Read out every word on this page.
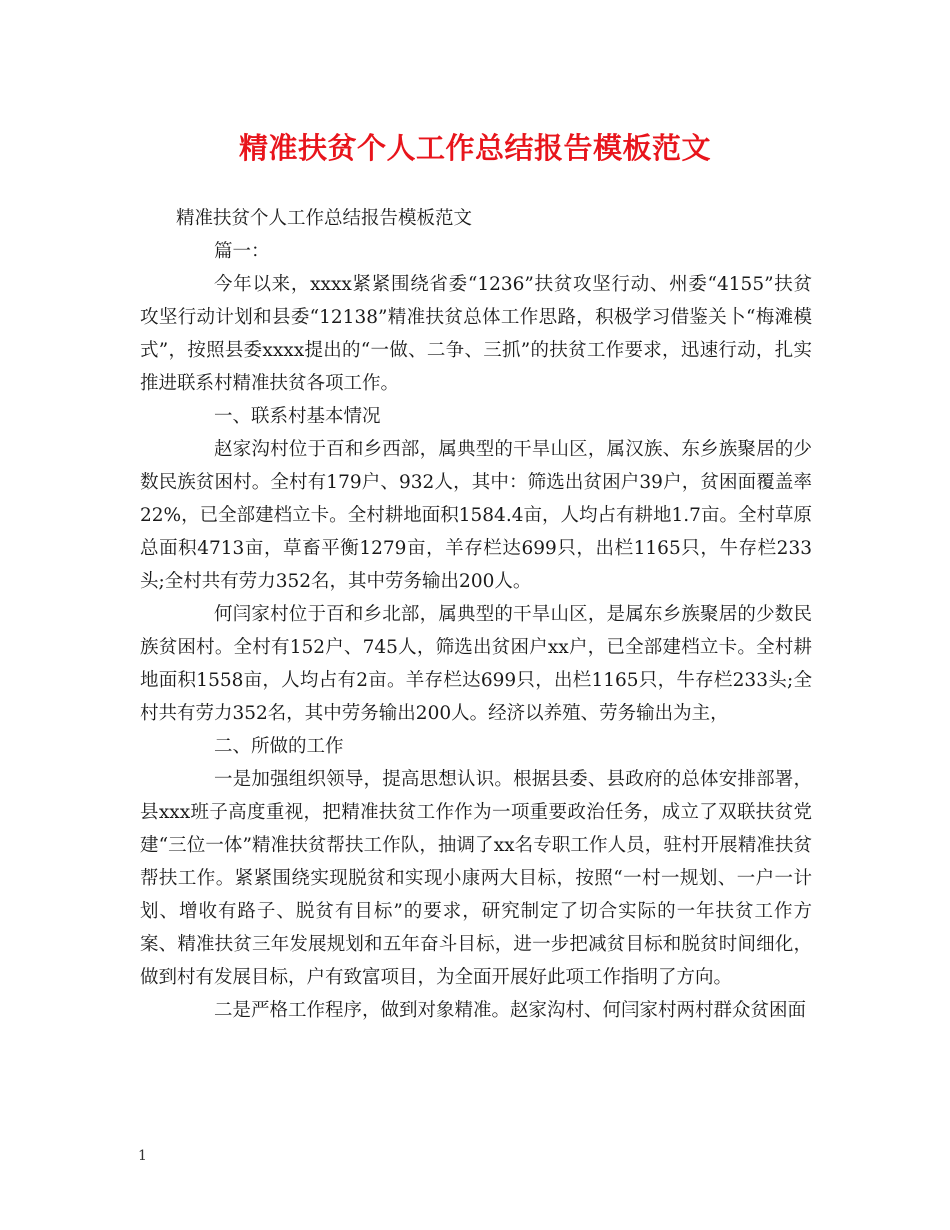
精准扶贫个人工作总结报告模板范文

精准扶贫个人工作总结报告模板范文

篇一：

今年以来，xxxx紧紧围绕省委“1236”扶贫攻坚行动、州委“4155”扶贫攻坚行动计划和县委“12138”精准扶贫总体工作思路，积极学习借鉴关卜“梅滩模式”，按照县委xxxx提出的“一做、二争、三抓”的扶贫工作要求，迅速行动，扎实推进联系村精准扶贫各项工作。

一、联系村基本情况

赵家沟村位于百和乡西部，属典型的干旱山区，属汉族、东乡族聚居的少数民族贫困村。全村有179户、932人，其中：筛选出贫困户39户，贫困面覆盖率22%，已全部建档立卡。全村耕地面积1584.4亩，人均占有耕地1.7亩。全村草原总面积4713亩，草畜平衡1279亩，羊存栏达699只，出栏1165只，牛存栏233头;全村共有劳力352名，其中劳务输出200人。

何闫家村位于百和乡北部，属典型的干旱山区，是属东乡族聚居的少数民族贫困村。全村有152户、745人，筛选出贫困户xx户，已全部建档立卡。全村耕地面积1558亩，人均占有2亩。羊存栏达699只，出栏1165只，牛存栏233头;全村共有劳力352名，其中劳务输出200人。经济以养殖、劳务输出为主，

二、所做的工作

一是加强组织领导，提高思想认识。根据县委、县政府的总体安排部署，县xxx班子高度重视，把精准扶贫工作作为一项重要政治任务，成立了双联扶贫党建“三位一体”精准扶贫帮扶工作队，抽调了xx名专职工作人员，驻村开展精准扶贫帮扶工作。紧紧围绕实现脱贫和实现小康两大目标，按照“一村一规划、一户一计划、增收有路子、脱贫有目标”的要求，研究制定了切合实际的一年扶贫工作方案、精准扶贫三年发展规划和五年奋斗目标，进一步把减贫目标和脱贫时间细化，做到村有发展目标，户有致富项目，为全面开展好此项工作指明了方向。

二是严格工作程序，做到对象精准。赵家沟村、何闫家村两村群众贫困面

1
